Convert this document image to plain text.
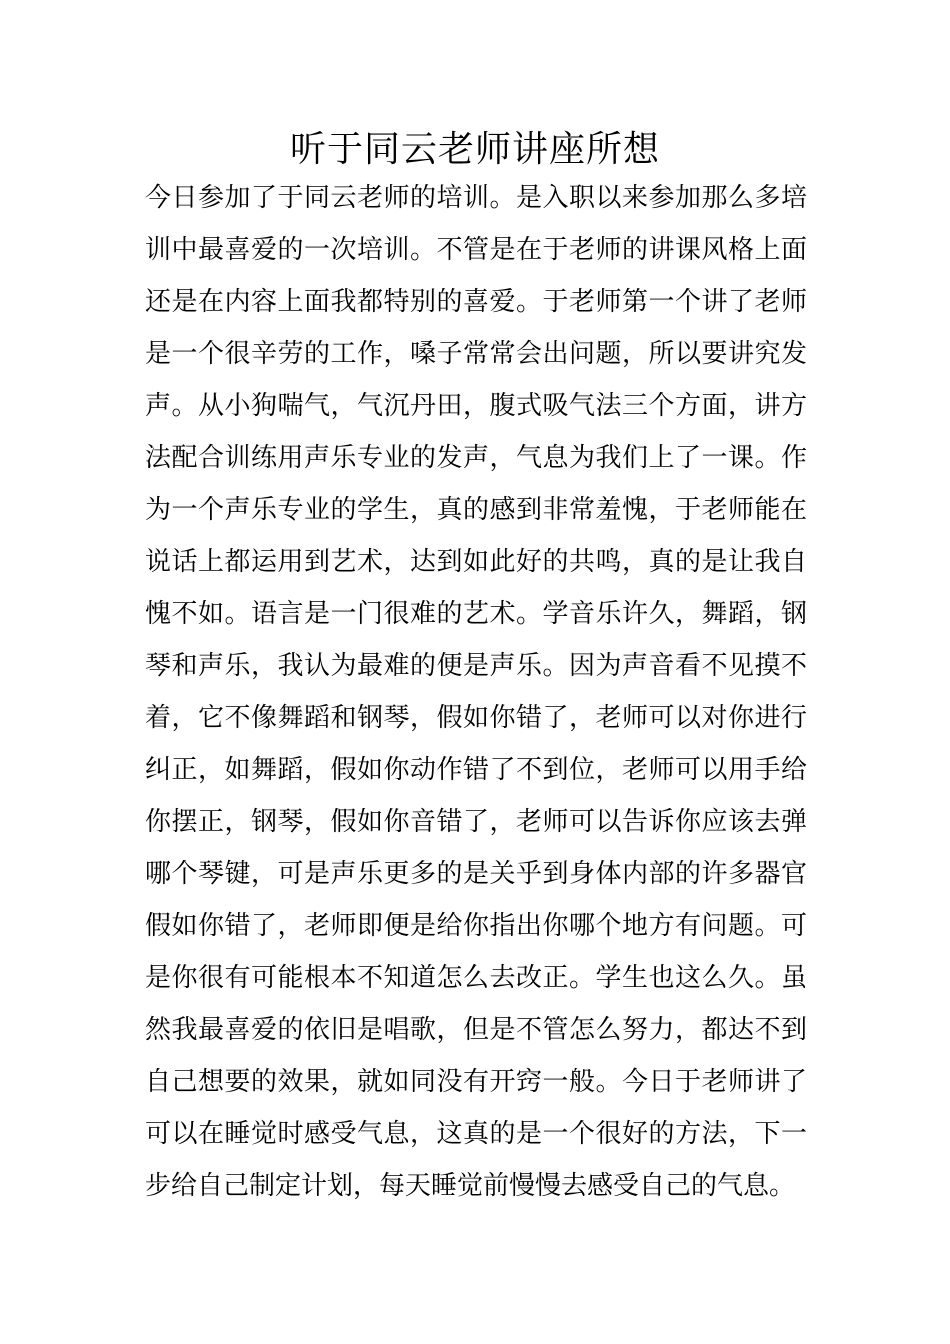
听于同云老师讲座所想
今日参加了于同云老师的培训。是入职以来参加那么多培
训中最喜爱的一次培训。不管是在于老师的讲课风格上面
还是在内容上面我都特别的喜爱。于老师第一个讲了老师
是一个很辛劳的工作，嗓子常常会出问题，所以要讲究发
声。从小狗喘气，气沉丹田，腹式吸气法三个方面，讲方
法配合训练用声乐专业的发声，气息为我们上了一课。作
为一个声乐专业的学生，真的感到非常羞愧，于老师能在
说话上都运用到艺术，达到如此好的共鸣，真的是让我自
愧不如。语言是一门很难的艺术。学音乐许久，舞蹈，钢
琴和声乐，我认为最难的便是声乐。因为声音看不见摸不
着，它不像舞蹈和钢琴，假如你错了，老师可以对你进行
纠正，如舞蹈，假如你动作错了不到位，老师可以用手给
你摆正，钢琴，假如你音错了，老师可以告诉你应该去弹
哪个琴键，可是声乐更多的是关乎到身体内部的许多器官
假如你错了，老师即便是给你指出你哪个地方有问题。可
是你很有可能根本不知道怎么去改正。学生也这么久。虽
然我最喜爱的依旧是唱歌，但是不管怎么努力，都达不到
自己想要的效果，就如同没有开窍一般。今日于老师讲了
可以在睡觉时感受气息，这真的是一个很好的方法，下一
步给自己制定计划，每天睡觉前慢慢去感受自己的气息。
